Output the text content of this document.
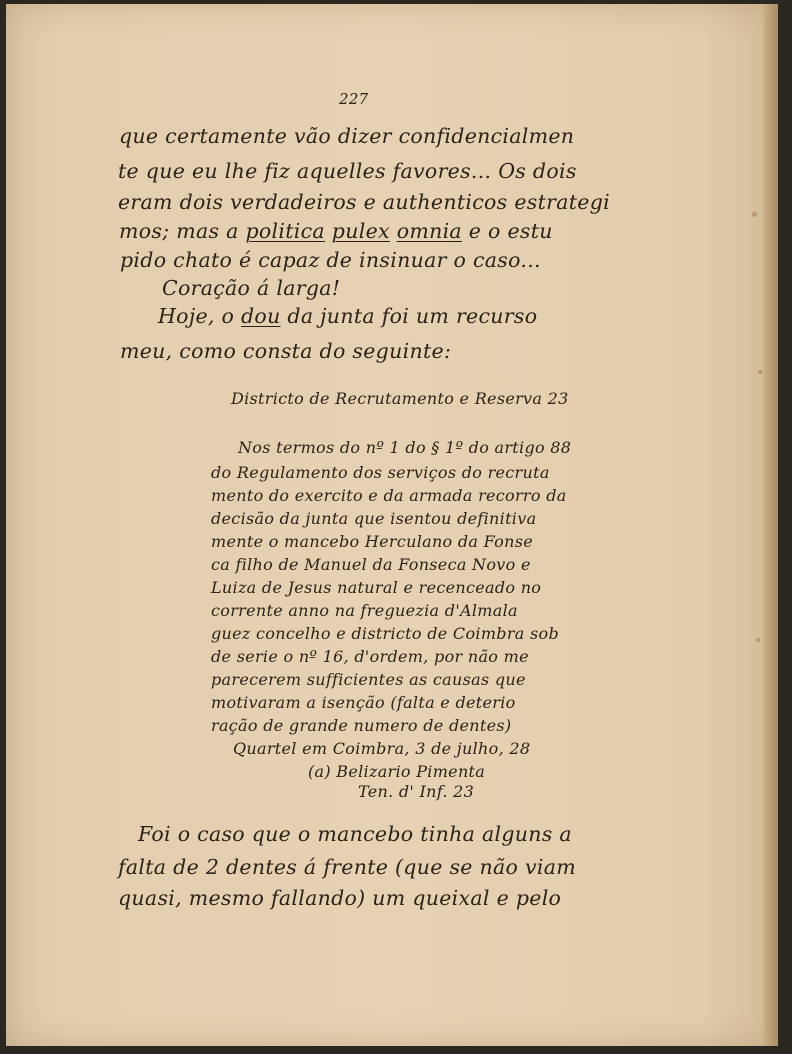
227
que certamente vão dizer confidencialmen
te que eu lhe fiz aquelles favores... Os dois
eram dois verdadeiros e authenticos estrategi
mos; mas a politica pulex omnia e o estu
pido chato é capaz de insinuar o caso...
Coração á larga!
Hoje, o dou da junta foi um recurso
meu, como consta do seguinte:
Districto de Recrutamento e Reserva 23
Nos termos do nº 1 do § 1º do artigo 88
do Regulamento dos serviços do recruta
mento do exercito e da armada recorro da
decisão da junta que isentou definitiva
mente o mancebo Herculano da Fonse
ca filho de Manuel da Fonseca Novo e
Luiza de Jesus natural e recenceado no
corrente anno na freguezia d'Almala
guez concelho e districto de Coimbra sob
de serie o nº 16, d'ordem, por não me
parecerem sufficientes as causas que
motivaram a isenção (falta e deterio
ração de grande numero de dentes)
Quartel em Coimbra, 3 de julho, 28
(a) Belizario Pimenta
Ten. d' Inf. 23
Foi o caso que o mancebo tinha alguns a
falta de 2 dentes á frente (que se não viam
quasi, mesmo fallando) um queixal e pelo
